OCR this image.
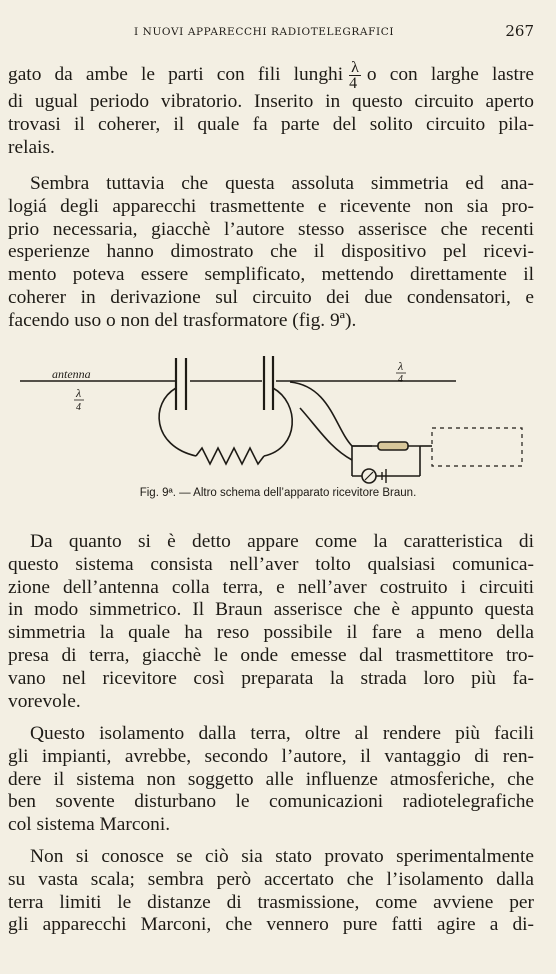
I NUOVI APPARECCHI RADIOTELEGRAFICI	267
gato da ambe le parti con fili lunghi $\frac{\lambda}{4}$ o con larghe lastre
di ugual periodo vibratorio. Inserito in questo circuito aperto
trovasi il coherer, il quale fa parte del solito circuito pila-
relais.
Sembra tuttavia che questa assoluta simmetria ed ana-
logiá degli apparecchi trasmettente e ricevente non sia pro-
prio necessaria, giacchè l’autore stesso asserisce che recenti
esperienze hanno dimostrato che il dispositivo pel ricevi-
mento poteva essere semplificato, mettendo direttamente il
coherer in derivazione sul circuito dei due condensatori, e
facendo uso o non del trasformatore (fig. 9ª).
antenna
λ
4
λ
4
Fig. 9ª. — Altro schema dell’apparato ricevitore Braun.
Da quanto si è detto appare come la caratteristica di
questo sistema consista nell’aver tolto qualsiasi comunica-
zione dell’antenna colla terra, e nell’aver costruito i circuiti
in modo simmetrico. Il Braun asserisce che è appunto questa
simmetria la quale ha reso possibile il fare a meno della
presa di terra, giacchè le onde emesse dal trasmettitore tro-
vano nel ricevitore così preparata la strada loro più fa-
vorevole.
Questo isolamento dalla terra, oltre al rendere più facili
gli impianti, avrebbe, secondo l’autore, il vantaggio di ren-
dere il sistema non soggetto alle influenze atmosferiche, che
ben sovente disturbano le comunicazioni radiotelegrafiche
col sistema Marconi.
Non si conosce se ciò sia stato provato sperimentalmente
su vasta scala; sembra però accertato che l’isolamento dalla
terra limiti le distanze di trasmissione, come avviene per
gli apparecchi Marconi, che vennero pure fatti agire a di-
